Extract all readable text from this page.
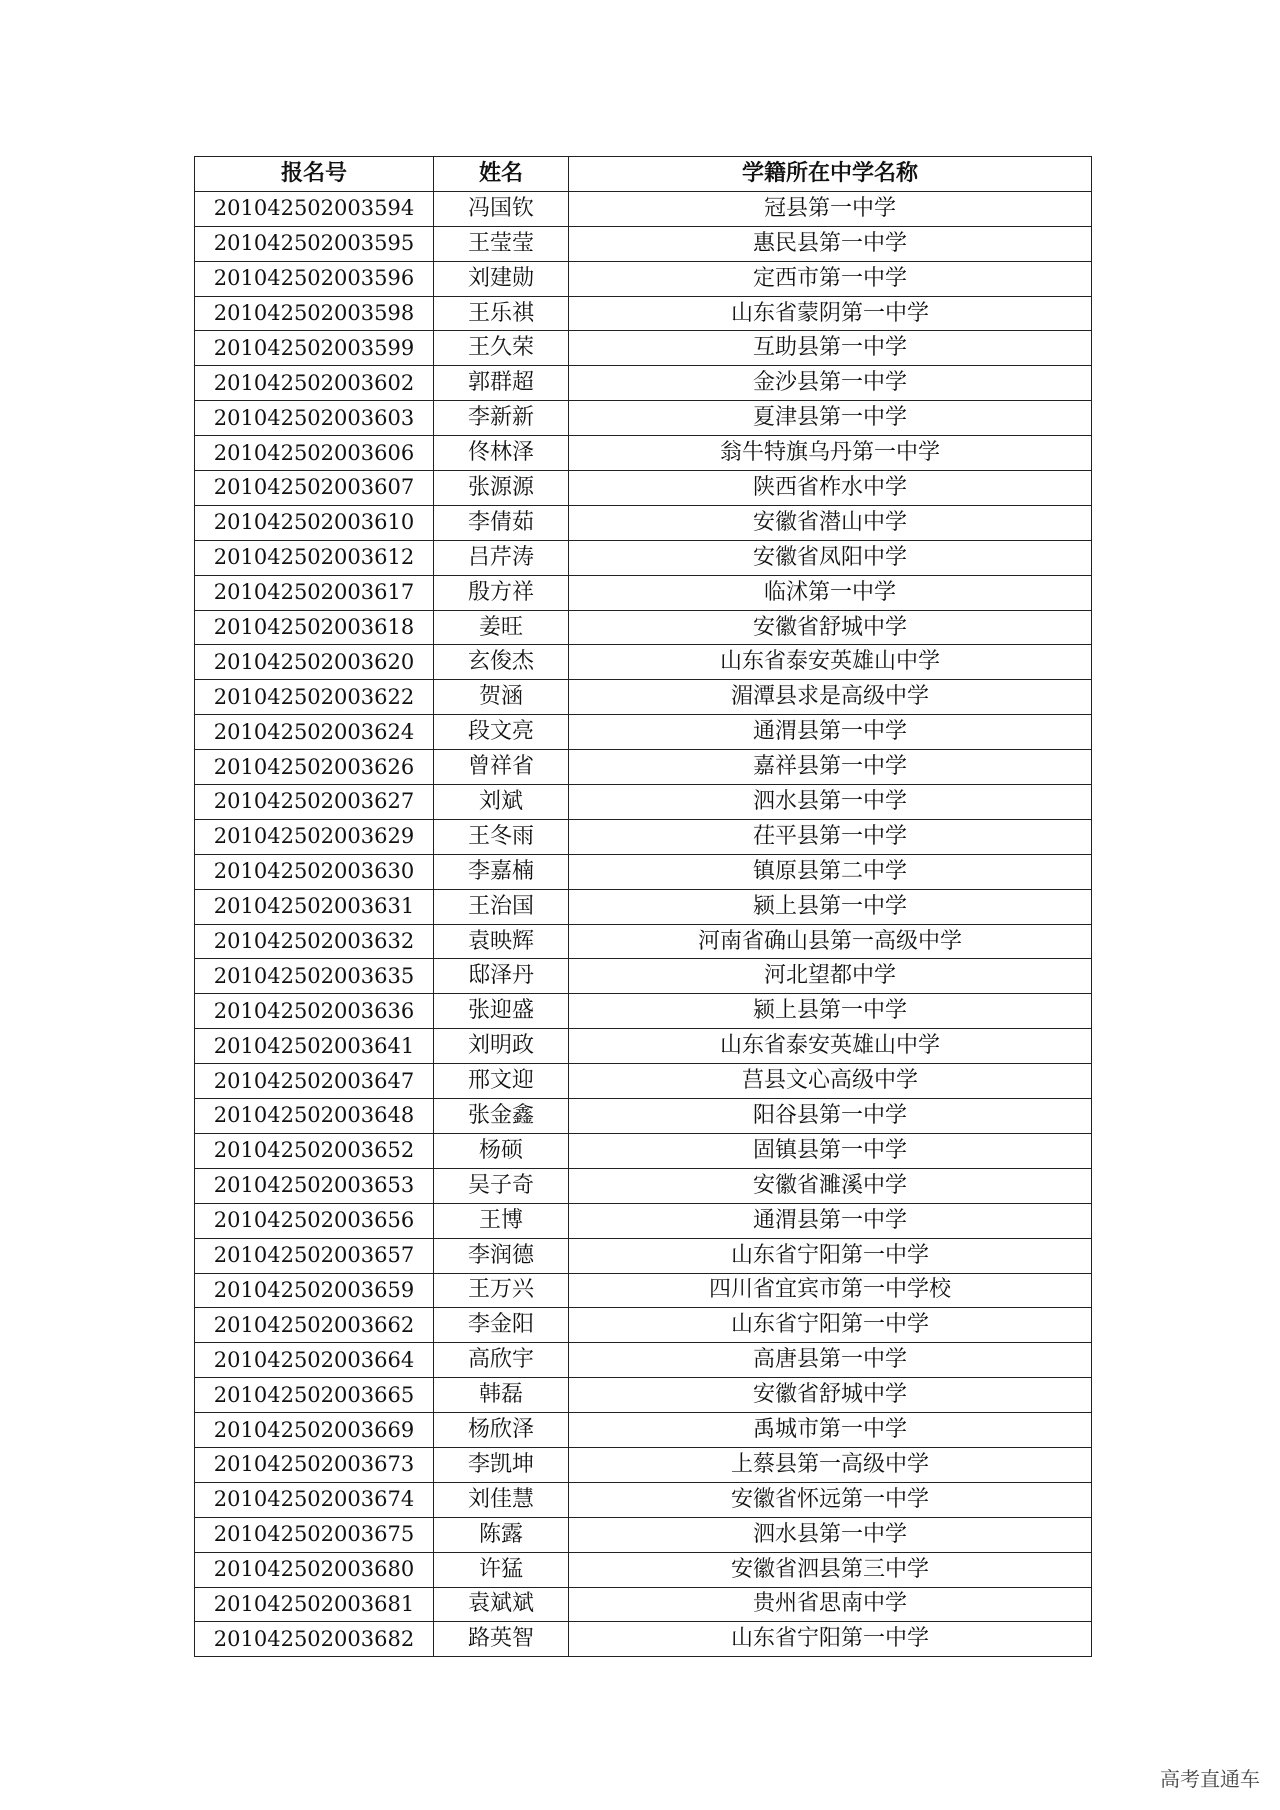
报名号	姓名	学籍所在中学名称
201042502003594	冯国钦	冠县第一中学
201042502003595	王莹莹	惠民县第一中学
201042502003596	刘建勋	定西市第一中学
201042502003598	王乐祺	山东省蒙阴第一中学
201042502003599	王久荣	互助县第一中学
201042502003602	郭群超	金沙县第一中学
201042502003603	李新新	夏津县第一中学
201042502003606	佟林泽	翁牛特旗乌丹第一中学
201042502003607	张源源	陕西省柞水中学
201042502003610	李倩茹	安徽省潜山中学
201042502003612	吕芹涛	安徽省凤阳中学
201042502003617	殷方祥	临沭第一中学
201042502003618	姜旺	安徽省舒城中学
201042502003620	玄俊杰	山东省泰安英雄山中学
201042502003622	贺涵	湄潭县求是高级中学
201042502003624	段文亮	通渭县第一中学
201042502003626	曾祥省	嘉祥县第一中学
201042502003627	刘斌	泗水县第一中学
201042502003629	王冬雨	茌平县第一中学
201042502003630	李嘉楠	镇原县第二中学
201042502003631	王治国	颍上县第一中学
201042502003632	袁映辉	河南省确山县第一高级中学
201042502003635	邸泽丹	河北望都中学
201042502003636	张迎盛	颍上县第一中学
201042502003641	刘明政	山东省泰安英雄山中学
201042502003647	邢文迎	莒县文心高级中学
201042502003648	张金鑫	阳谷县第一中学
201042502003652	杨硕	固镇县第一中学
201042502003653	吴子奇	安徽省濉溪中学
201042502003656	王博	通渭县第一中学
201042502003657	李润德	山东省宁阳第一中学
201042502003659	王万兴	四川省宜宾市第一中学校
201042502003662	李金阳	山东省宁阳第一中学
201042502003664	高欣宇	高唐县第一中学
201042502003665	韩磊	安徽省舒城中学
201042502003669	杨欣泽	禹城市第一中学
201042502003673	李凯坤	上蔡县第一高级中学
201042502003674	刘佳慧	安徽省怀远第一中学
201042502003675	陈露	泗水县第一中学
201042502003680	许猛	安徽省泗县第三中学
201042502003681	袁斌斌	贵州省思南中学
201042502003682	路英智	山东省宁阳第一中学
高考直通车
